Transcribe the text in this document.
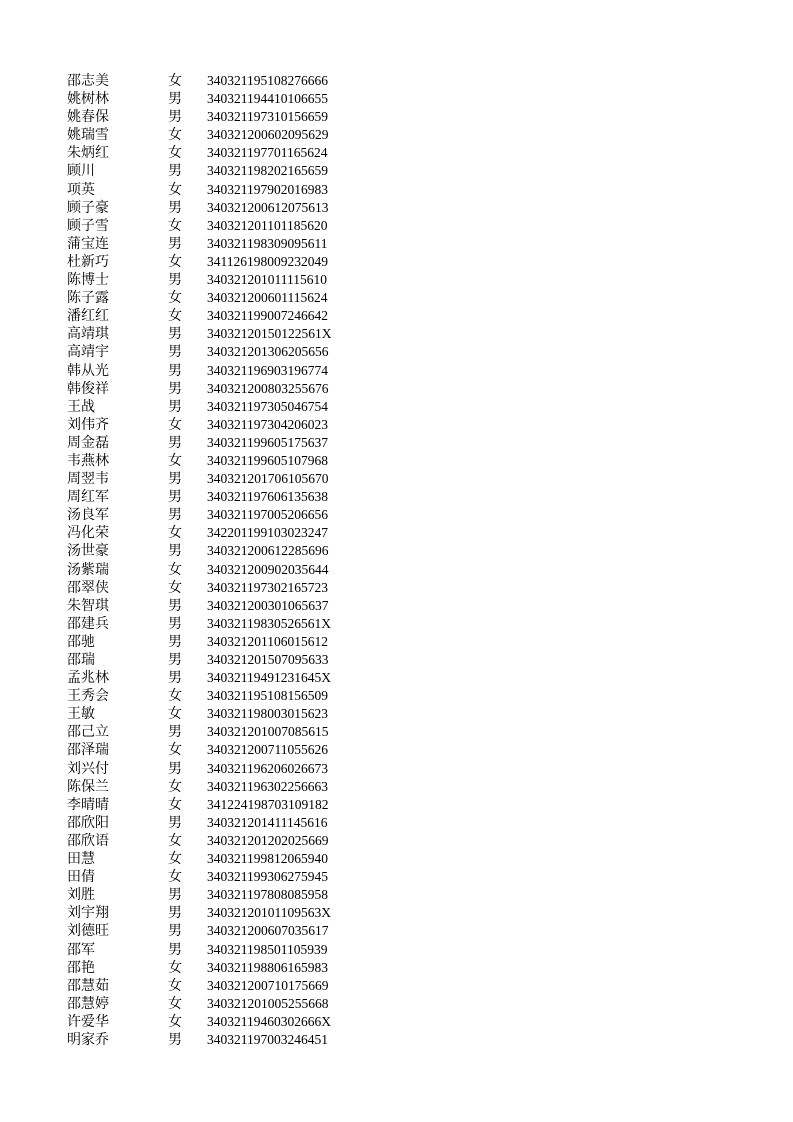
邵志美	女 340321195108276666
姚树林	男 340321194410106655
姚春保	男 340321197310156659
姚瑞雪	女 340321200602095629
朱炳红	女 340321197701165624
顾川	男 340321198202165659
项英	女 340321197902016983
顾子豪	男 340321200612075613
顾子雪	女 340321201101185620
蒲宝连	男 340321198309095611
杜新巧	女 341126198009232049
陈博士	男 340321201011115610
陈子露	女 340321200601115624
潘红红	女 340321199007246642
高靖琪	男 34032120150122561X
高靖宇	男 340321201306205656
韩从光	男 340321196903196774
韩俊祥	男 340321200803255676
王战	男 340321197305046754
刘伟齐	女 340321197304206023
周金磊	男 340321199605175637
韦燕林	女 340321199605107968
周翌韦	男 340321201706105670
周红军	男 340321197606135638
汤良军	男 340321197005206656
冯化荣	女 342201199103023247
汤世豪	男 340321200612285696
汤紫瑞	女 340321200902035644
邵翠侠	女 340321197302165723
朱智琪	男 340321200301065637
邵建兵	男 34032119830526561X
邵驰	男 340321201106015612
邵瑞	男 340321201507095633
孟兆林	男 34032119491231645X
王秀会	女 340321195108156509
王敏	女 340321198003015623
邵己立	男 340321201007085615
邵泽瑞	女 340321200711055626
刘兴付	男 340321196206026673
陈保兰	女 340321196302256663
李晴晴	女 341224198703109182
邵欣阳	男 340321201411145616
邵欣语	女 340321201202025669
田慧	女 340321199812065940
田倩	女 340321199306275945
刘胜	男 340321197808085958
刘宇翔	男 34032120101109563X
刘德旺	男 340321200607035617
邵军	男 340321198501105939
邵艳	女 340321198806165983
邵慧茹	女 340321200710175669
邵慧婷	女 340321201005255668
许爱华	女 34032119460302666X
明家乔	男 340321197003246451
